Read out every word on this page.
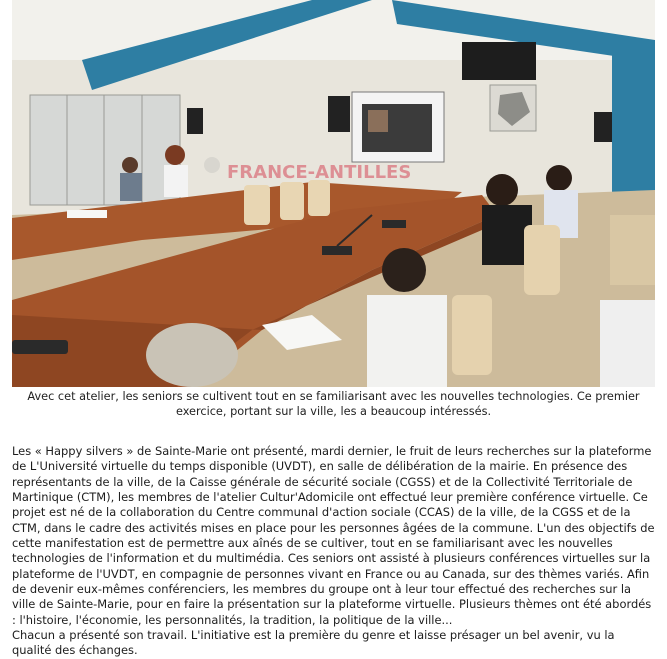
FRANCE-ANTILLES
Avec cet atelier, les seniors se cultivent tout en se familiarisant avec les nouvelles technologies. Ce premier exercice, portant sur la ville, les a beaucoup intéressés.

Les « Happy silvers » de Sainte-Marie ont présenté, mardi dernier, le fruit de leurs recherches sur la plateforme de L'Université virtuelle du temps disponible (UVDT), en salle de délibération de la mairie. En présence des représentants de la ville, de la Caisse générale de sécurité sociale (CGSS) et de la Collectivité Territoriale de Martinique (CTM), les membres de l'atelier Cultur'Adomicile ont effectué leur première conférence virtuelle. Ce projet est né de la collaboration du Centre communal d'action sociale (CCAS) de la ville, de la CGSS et de la CTM, dans le cadre des activités mises en place pour les personnes âgées de la commune. L'un des objectifs de cette manifestation est de permettre aux aînés de se cultiver, tout en se familiarisant avec les nouvelles technologies de l'information et du multimédia. Ces seniors ont assisté à plusieurs conférences virtuelles sur la plateforme de l'UVDT, en compagnie de personnes vivant en France ou au Canada, sur des thèmes variés. Afin de devenir eux-mêmes conférenciers, les membres du groupe ont à leur tour effectué des recherches sur la ville de Sainte-Marie, pour en faire la présentation sur la plateforme virtuelle. Plusieurs thèmes ont été abordés : l'histoire, l'économie, les personnalités, la tradition, la politique de la ville...

Chacun a présenté son travail. L'initiative est la première du genre et laisse présager un bel avenir, vu la qualité des échanges.
